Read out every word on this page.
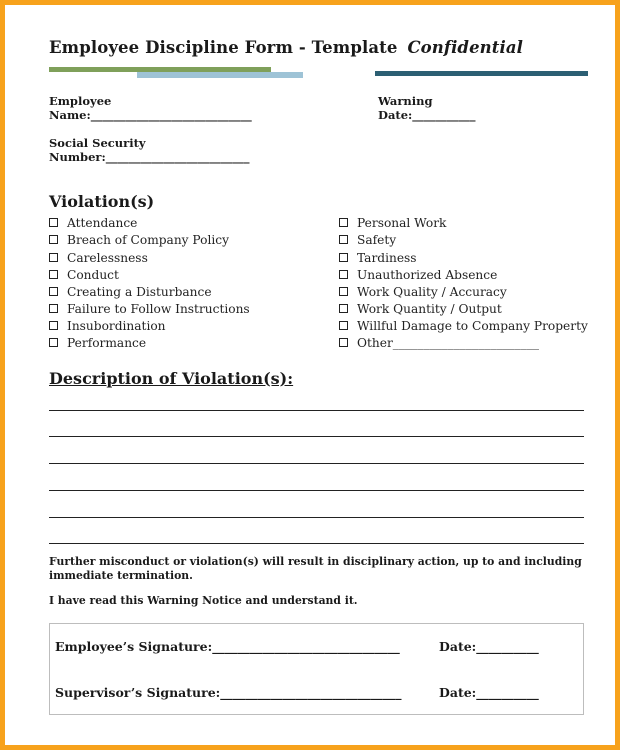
Employee Discipline Form - Template Confidential
Employee
Name:____________________________
Warning
Date:___________
Social Security
Number:_________________________
Violation(s)
Attendance
Breach of Company Policy
Carelessness
Conduct
Creating a Disturbance
Failure to Follow Instructions
Insubordination
Performance
Personal Work
Safety
Tardiness
Unauthorized Absence
Work Quality / Accuracy
Work Quantity / Output
Willful Damage to Company Property
Other________________________
Description of Violation(s):
Further misconduct or violation(s) will result in disciplinary action, up to and including
immediate termination.
I have read this Warning Notice and understand it.
Employee’s Signature:______________________________	Date:__________
Supervisor’s Signature:_____________________________	Date:__________
